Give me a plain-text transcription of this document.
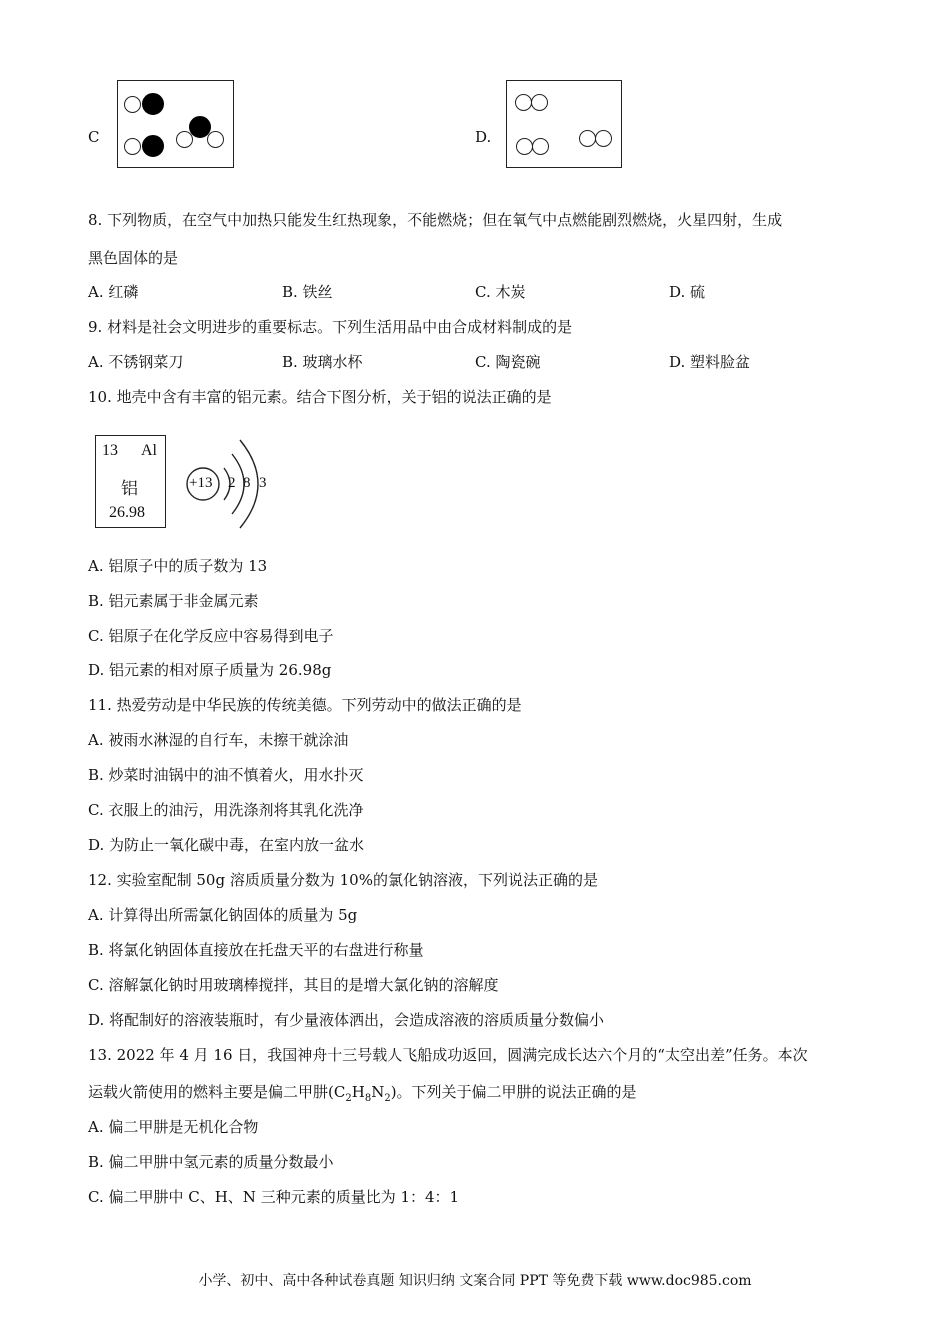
C	D.
8. 下列物质，在空气中加热只能发生红热现象，不能燃烧；但在氧气中点燃能剧烈燃烧，火星四射，生成
黑色固体的是
A. 红磷	B. 铁丝	C. 木炭	D. 硫
9. 材料是社会文明进步的重要标志。下列生活用品中由合成材料制成的是
A. 不锈钢菜刀	B. 玻璃水杯	C. 陶瓷碗	D. 塑料脸盆
10. 地壳中含有丰富的铝元素。结合下图分析，关于铝的说法正确的是
13 Al
铝
26.98
+13 2 8 3
A. 铝原子中的质子数为 13
B. 铝元素属于非金属元素
C. 铝原子在化学反应中容易得到电子
D. 铝元素的相对原子质量为 26.98g
11. 热爱劳动是中华民族的传统美德。下列劳动中的做法正确的是
A. 被雨水淋湿的自行车，未擦干就涂油
B. 炒菜时油锅中的油不慎着火，用水扑灭
C. 衣服上的油污，用洗涤剂将其乳化洗净
D. 为防止一氧化碳中毒，在室内放一盆水
12. 实验室配制 50g 溶质质量分数为 10%的氯化钠溶液，下列说法正确的是
A. 计算得出所需氯化钠固体的质量为 5g
B. 将氯化钠固体直接放在托盘天平的右盘进行称量
C. 溶解氯化钠时用玻璃棒搅拌，其目的是增大氯化钠的溶解度
D. 将配制好的溶液装瓶时，有少量液体洒出，会造成溶液的溶质质量分数偏小
13. 2022 年 4 月 16 日，我国神舟十三号载人飞船成功返回，圆满完成长达六个月的“太空出差”任务。本次
运载火箭使用的燃料主要是偏二甲肼$(C_2H_8N_2)$。下列关于偏二甲肼的说法正确的是
A. 偏二甲肼是无机化合物
B. 偏二甲肼中氢元素的质量分数最小
C. 偏二甲肼中 C、H、N 三种元素的质量比为 1：4：1
小学、初中、高中各种试卷真题 知识归纳 文案合同 PPT 等免费下载 www.doc985.com
